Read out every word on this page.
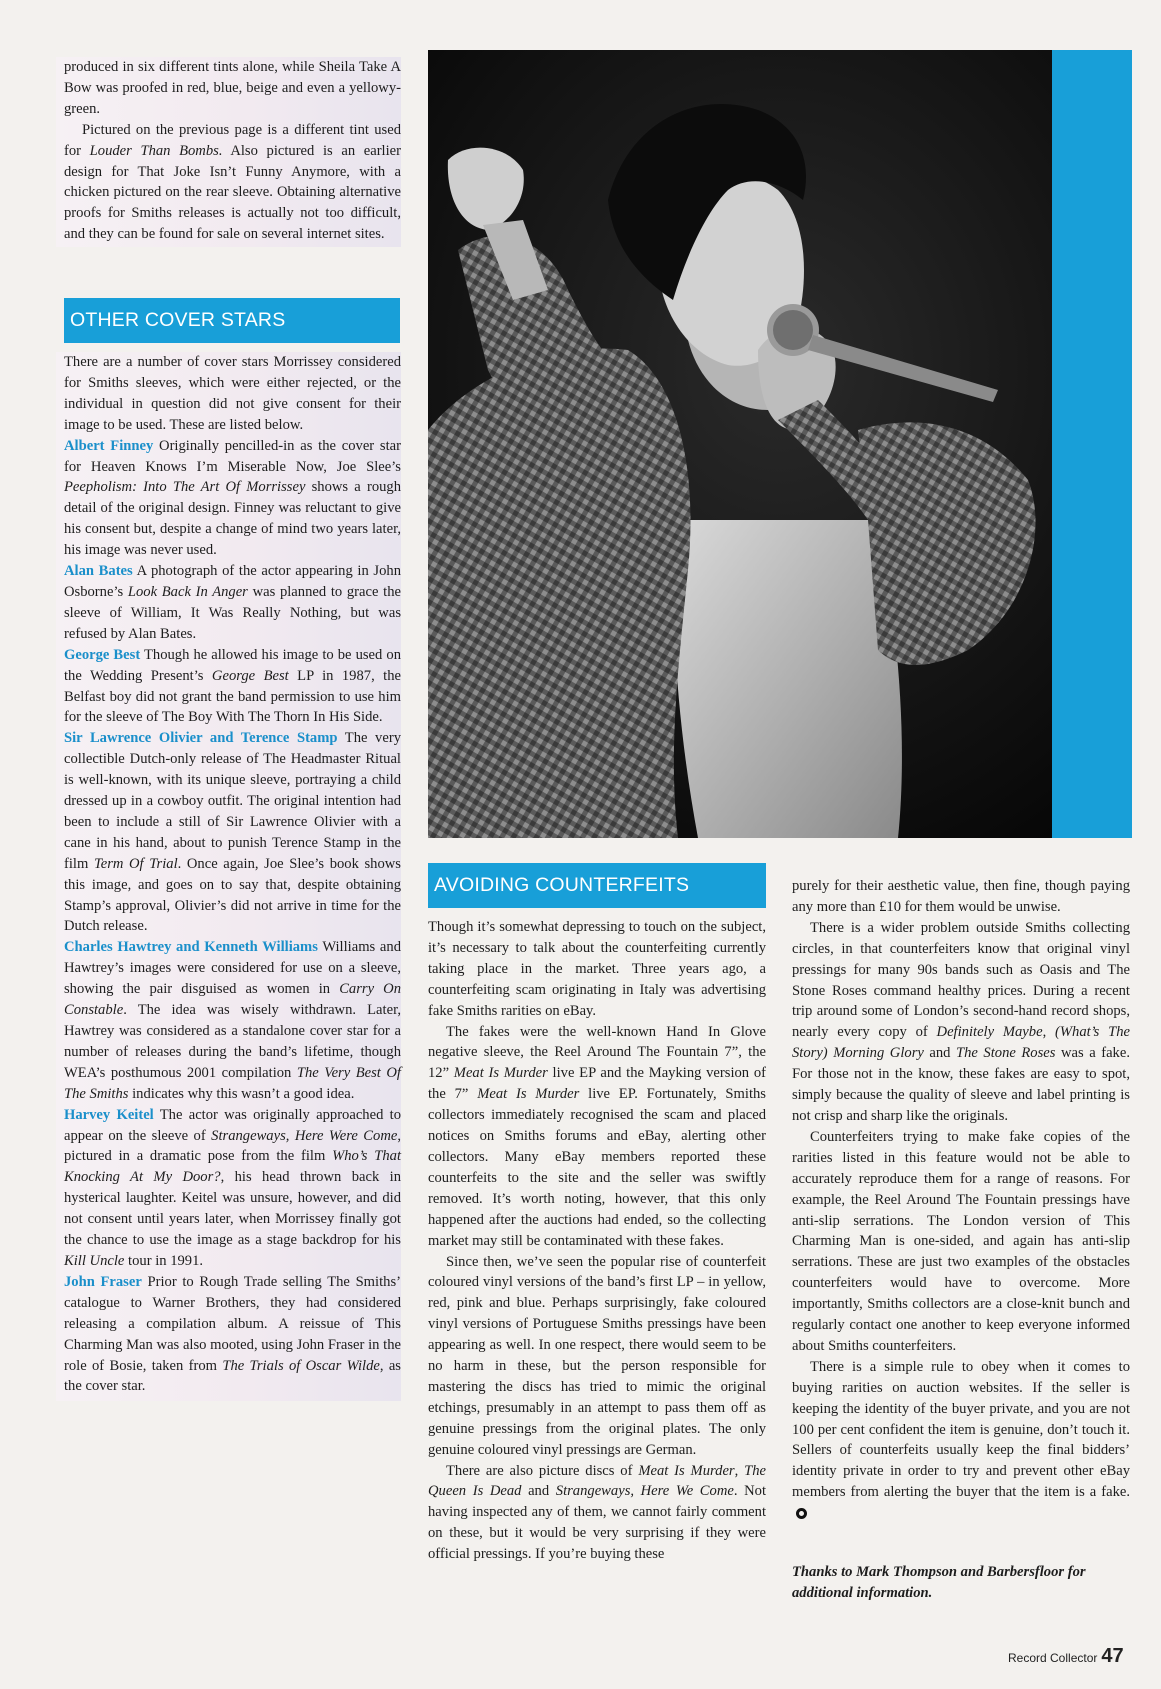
produced in six different tints alone, while Sheila Take A Bow was proofed in red, blue, beige and even a yellowy-green.

Pictured on the previous page is a different tint used for Louder Than Bombs. Also pictured is an earlier design for That Joke Isn’t Funny Anymore, with a chicken pictured on the rear sleeve. Obtaining alternative proofs for Smiths releases is actually not too difficult, and they can be found for sale on several internet sites.

OTHER COVER STARS

There are a number of cover stars Morrissey considered for Smiths sleeves, which were either rejected, or the individual in question did not give consent for their image to be used. These are listed below.

Albert Finney Originally pencilled-in as the cover star for Heaven Knows I’m Miserable Now, Joe Slee’s Peepholism: Into The Art Of Morrissey shows a rough detail of the original design. Finney was reluctant to give his consent but, despite a change of mind two years later, his image was never used.

Alan Bates A photograph of the actor appearing in John Osborne’s Look Back In Anger was planned to grace the sleeve of William, It Was Really Nothing, but was refused by Alan Bates.

George Best Though he allowed his image to be used on the Wedding Present’s George Best LP in 1987, the Belfast boy did not grant the band permission to use him for the sleeve of The Boy With The Thorn In His Side.

Sir Lawrence Olivier and Terence Stamp The very collectible Dutch-only release of The Headmaster Ritual is well-known, with its unique sleeve, portraying a child dressed up in a cowboy outfit. The original intention had been to include a still of Sir Lawrence Olivier with a cane in his hand, about to punish Terence Stamp in the film Term Of Trial. Once again, Joe Slee’s book shows this image, and goes on to say that, despite obtaining Stamp’s approval, Olivier’s did not arrive in time for the Dutch release.

Charles Hawtrey and Kenneth Williams Williams and Hawtrey’s images were considered for use on a sleeve, showing the pair disguised as women in Carry On Constable. The idea was wisely withdrawn. Later, Hawtrey was considered as a standalone cover star for a number of releases during the band’s lifetime, though WEA’s posthumous 2001 compilation The Very Best Of The Smiths indicates why this wasn’t a good idea.

Harvey Keitel The actor was originally approached to appear on the sleeve of Strangeways, Here Were Come, pictured in a dramatic pose from the film Who’s That Knocking At My Door?, his head thrown back in hysterical laughter. Keitel was unsure, however, and did not consent until years later, when Morrissey finally got the chance to use the image as a stage backdrop for his Kill Uncle tour in 1991.

John Fraser Prior to Rough Trade selling The Smiths’ catalogue to Warner Brothers, they had considered releasing a compilation album. A reissue of This Charming Man was also mooted, using John Fraser in the role of Bosie, taken from The Trials of Oscar Wilde, as the cover star.

AVOIDING COUNTERFEITS

Though it’s somewhat depressing to touch on the subject, it’s necessary to talk about the counterfeiting currently taking place in the market. Three years ago, a counterfeiting scam originating in Italy was advertising fake Smiths rarities on eBay.

The fakes were the well-known Hand In Glove negative sleeve, the Reel Around The Fountain 7”, the 12” Meat Is Murder live EP and the Mayking version of the 7” Meat Is Murder live EP. Fortunately, Smiths collectors immediately recognised the scam and placed notices on Smiths forums and eBay, alerting other collectors. Many eBay members reported these counterfeits to the site and the seller was swiftly removed. It’s worth noting, however, that this only happened after the auctions had ended, so the collecting market may still be contaminated with these fakes.

Since then, we’ve seen the popular rise of counterfeit coloured vinyl versions of the band’s first LP – in yellow, red, pink and blue. Perhaps surprisingly, fake coloured vinyl versions of Portuguese Smiths pressings have been appearing as well. In one respect, there would seem to be no harm in these, but the person responsible for mastering the discs has tried to mimic the original etchings, presumably in an attempt to pass them off as genuine pressings from the original plates. The only genuine coloured vinyl pressings are German.

There are also picture discs of Meat Is Murder, The Queen Is Dead and Strangeways, Here We Come. Not having inspected any of them, we cannot fairly comment on these, but it would be very surprising if they were official pressings. If you’re buying these

purely for their aesthetic value, then fine, though paying any more than £10 for them would be unwise.

There is a wider problem outside Smiths collecting circles, in that counterfeiters know that original vinyl pressings for many 90s bands such as Oasis and The Stone Roses command healthy prices. During a recent trip around some of London’s second-hand record shops, nearly every copy of Definitely Maybe, (What’s The Story) Morning Glory and The Stone Roses was a fake. For those not in the know, these fakes are easy to spot, simply because the quality of sleeve and label printing is not crisp and sharp like the originals.

Counterfeiters trying to make fake copies of the rarities listed in this feature would not be able to accurately reproduce them for a range of reasons. For example, the Reel Around The Fountain pressings have anti-slip serrations. The London version of This Charming Man is one-sided, and again has anti-slip serrations. These are just two examples of the obstacles counterfeiters would have to overcome. More importantly, Smiths collectors are a close-knit bunch and regularly contact one another to keep everyone informed about Smiths counterfeiters.

There is a simple rule to obey when it comes to buying rarities on auction websites. If the seller is keeping the identity of the buyer private, and you are not 100 per cent confident the item is genuine, don’t touch it. Sellers of counterfeits usually keep the final bidders’ identity private in order to try and prevent other eBay members from alerting the buyer that the item is a fake.

Thanks to Mark Thompson and Barbersfloor for additional information.
Record Collector 47
